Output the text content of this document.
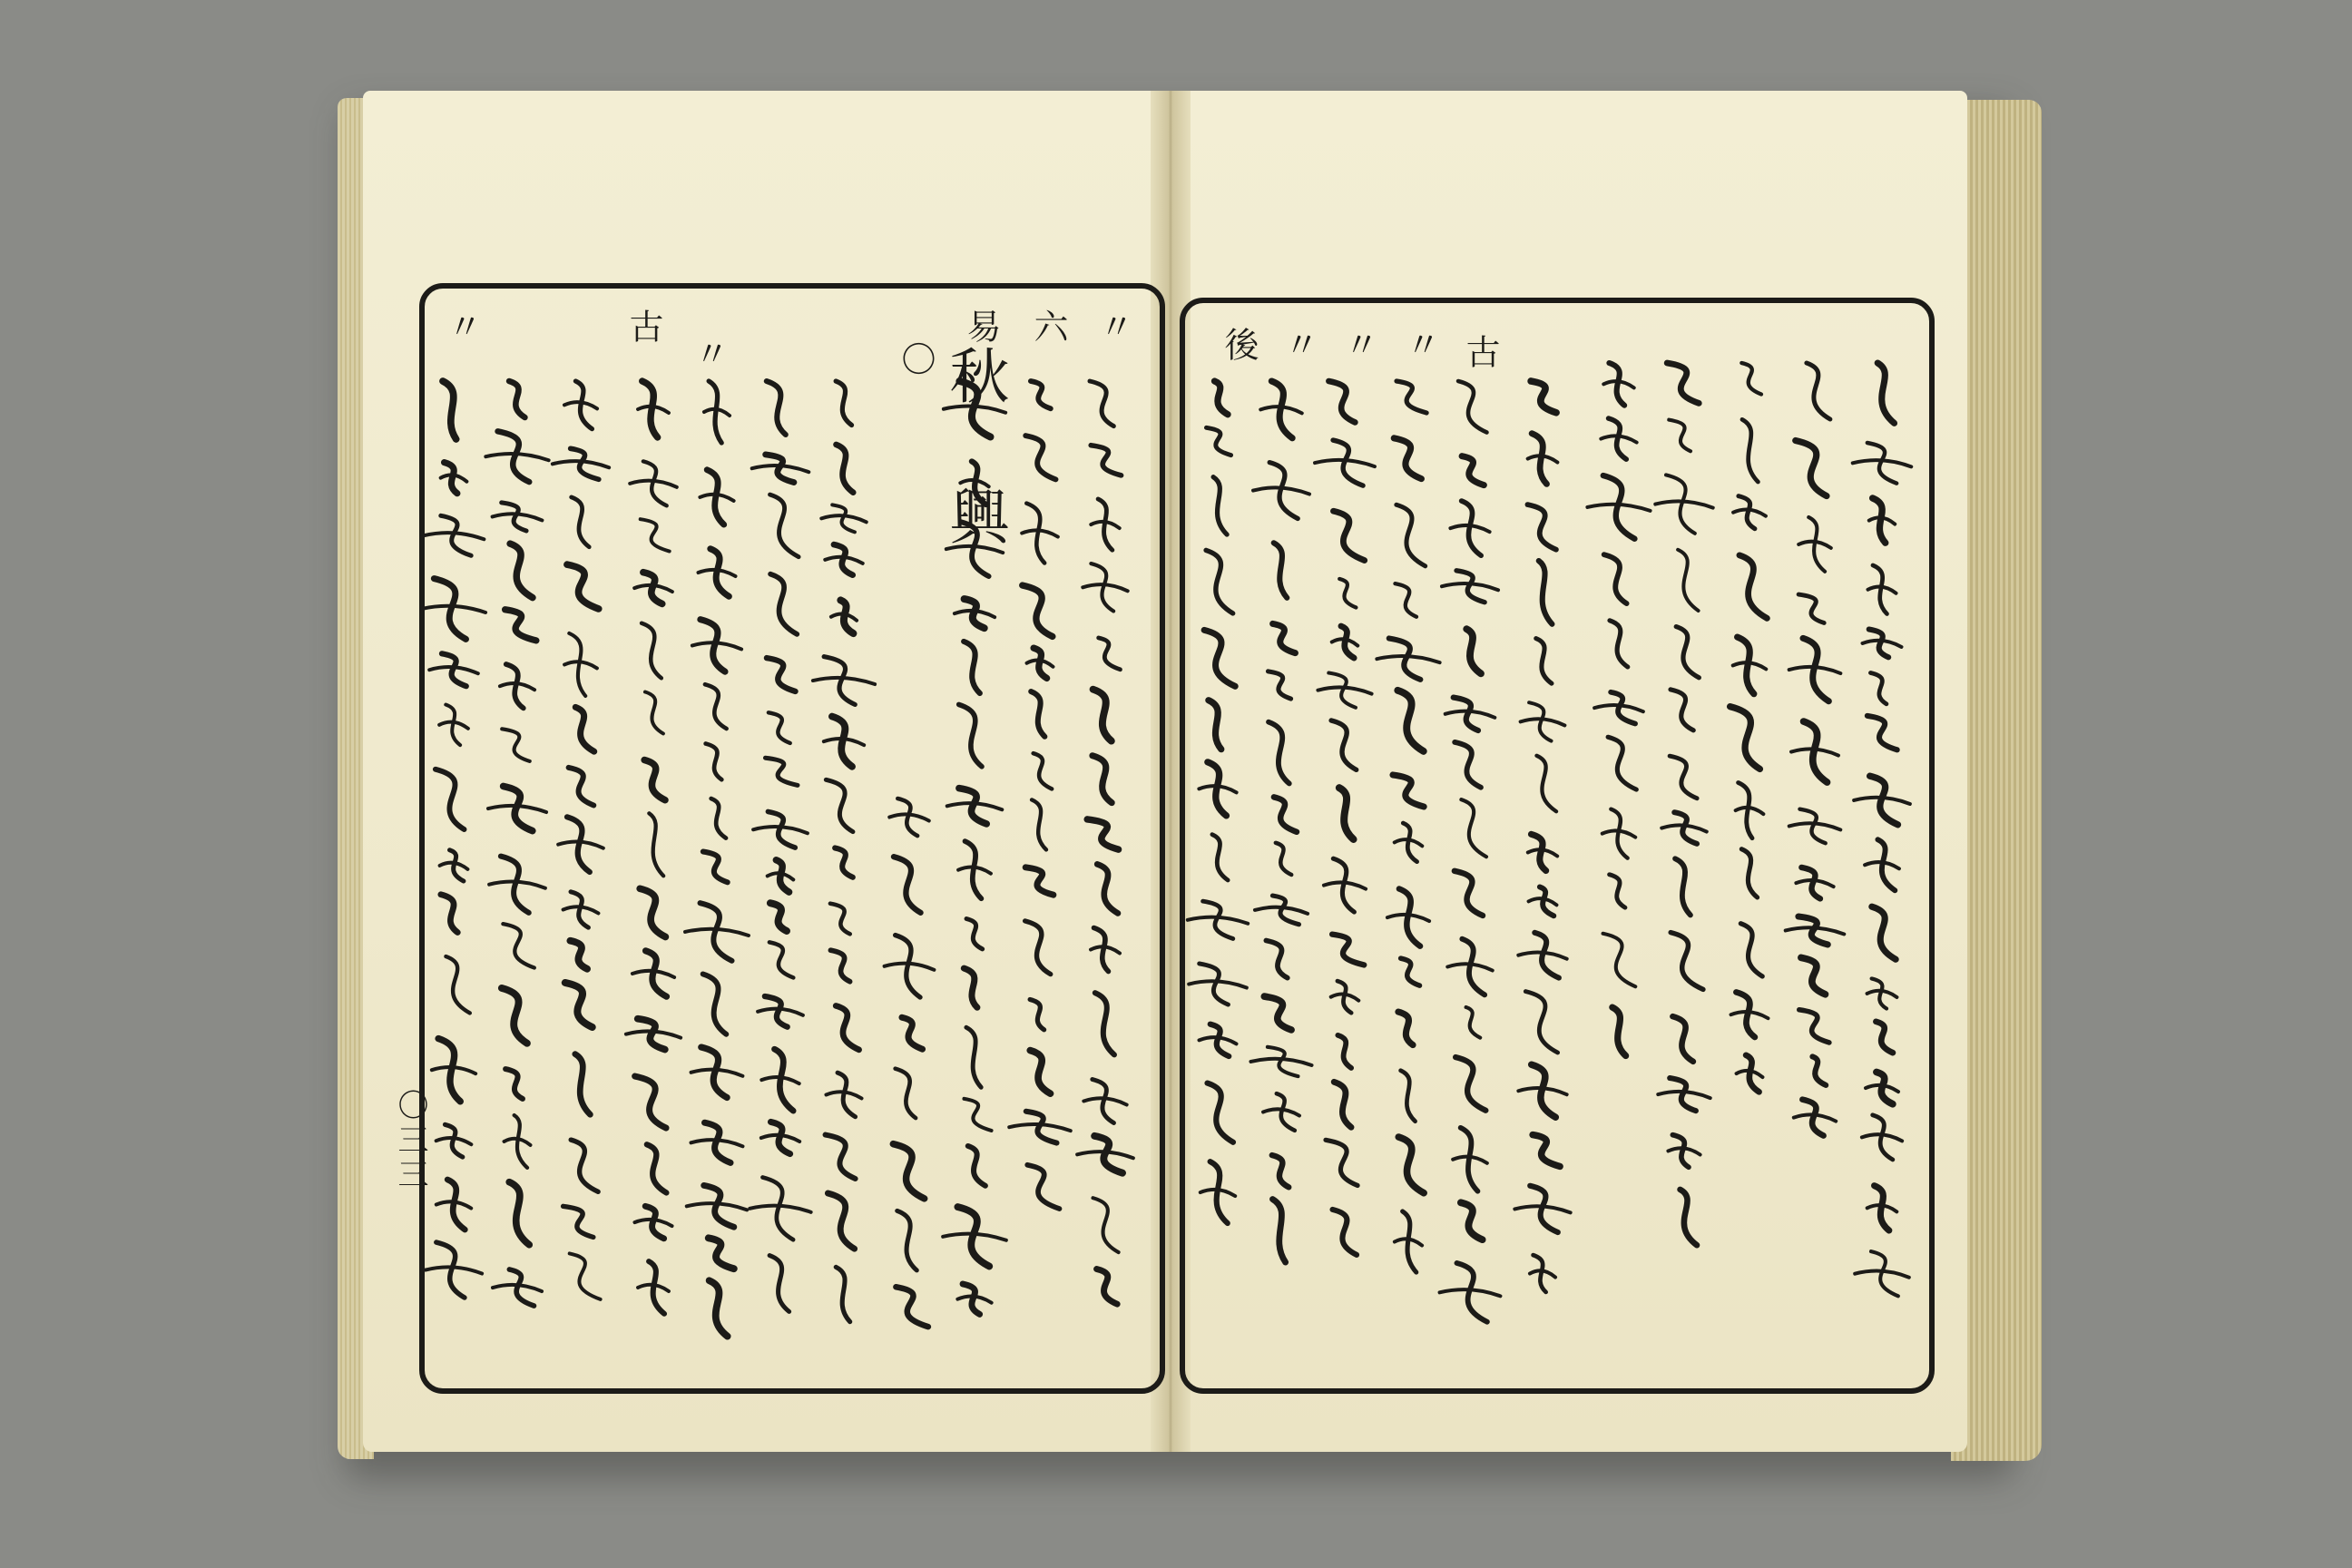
〃
六
易
〇
〃
古
〃
秋 興	古
〃
〃
〃
後
〇三三
